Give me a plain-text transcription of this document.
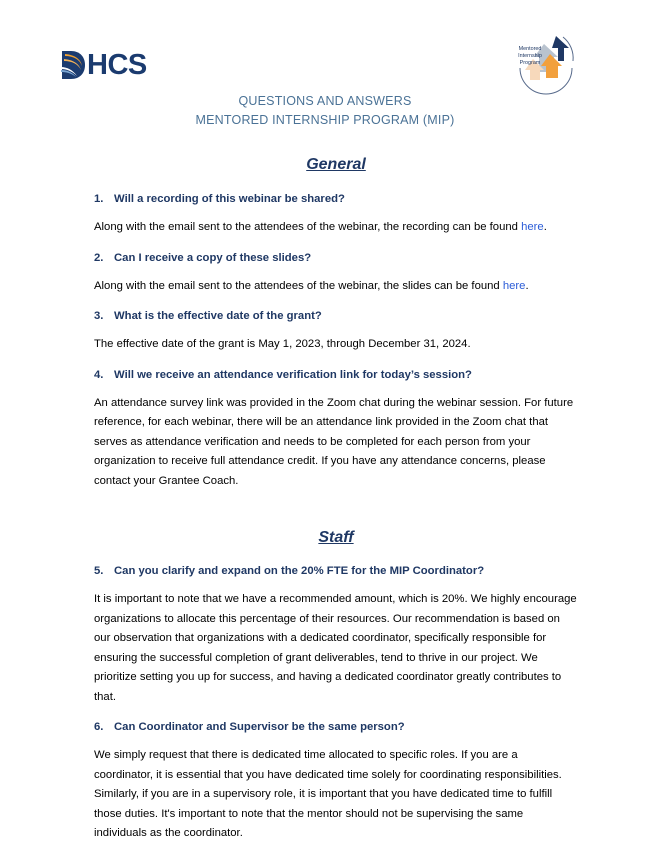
HCS	Mentored
Internship
Program
QUESTIONS AND ANSWERS
MENTORED INTERNSHIP PROGRAM (MIP)
General
1. Will a recording of this webinar be shared?

Along with the email sent to the attendees of the webinar, the recording can be found here.

2. Can I receive a copy of these slides?

Along with the email sent to the attendees of the webinar, the slides can be found here.

3. What is the effective date of the grant?

The effective date of the grant is May 1, 2023, through December 31, 2024.

4. Will we receive an attendance verification link for today’s session?

An attendance survey link was provided in the Zoom chat during the webinar session. For future reference, for each webinar, there will be an attendance link provided in the Zoom chat that serves as attendance verification and needs to be completed for each person from your organization to receive full attendance credit. If you have any attendance concerns, please contact your Grantee Coach.

Staff
5. Can you clarify and expand on the 20% FTE for the MIP Coordinator?

It is important to note that we have a recommended amount, which is 20%. We highly encourage organizations to allocate this percentage of their resources. Our recommendation is based on our observation that organizations with a dedicated coordinator, specifically responsible for ensuring the successful completion of grant deliverables, tend to thrive in our project. We prioritize setting you up for success, and having a dedicated coordinator greatly contributes to that.

6. Can Coordinator and Supervisor be the same person?

We simply request that there is dedicated time allocated to specific roles. If you are a coordinator, it is essential that you have dedicated time solely for coordinating responsibilities. Similarly, if you are in a supervisory role, it is important that you have dedicated time to fulfill those duties. It's important to note that the mentor should not be supervising the same individuals as the coordinator.
